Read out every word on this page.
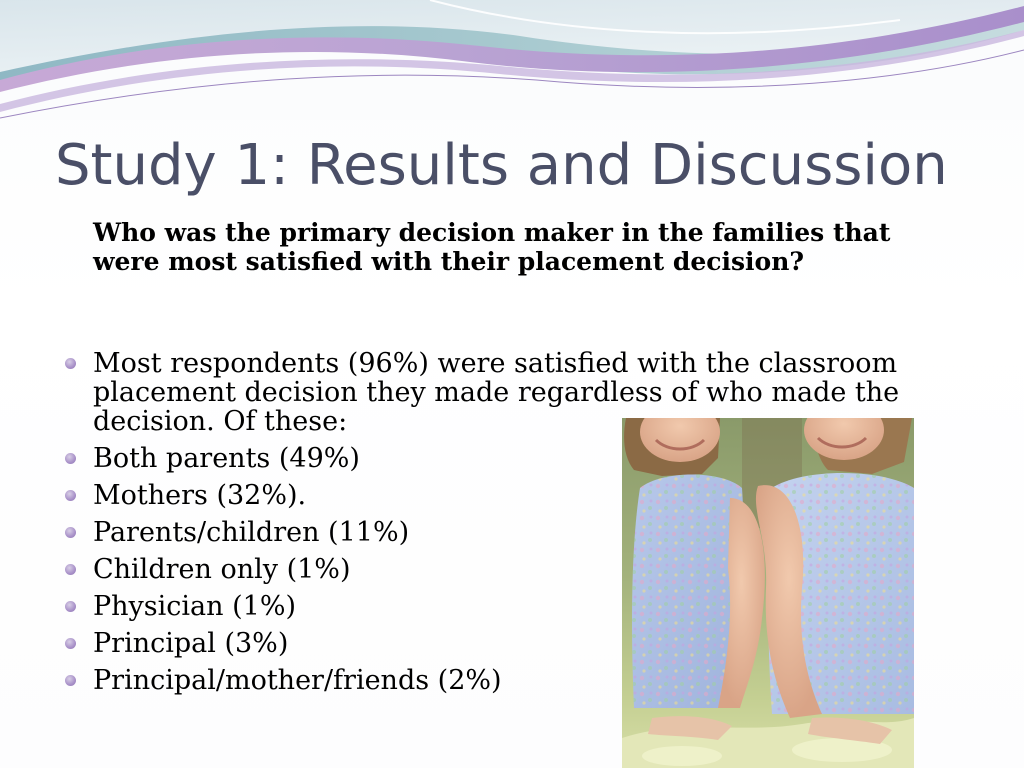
Study 1: Results and Discussion
Who was the primary decision maker in the families that were most satisfied with their placement decision?
Most respondents (96%) were satisfied with the classroom placement decision they made regardless of who made the decision. Of these:
Both parents (49%)
Mothers (32%).
Parents/children (11%)
Children only (1%)
Physician (1%)
Principal (3%)
Principal/mother/friends (2%)
